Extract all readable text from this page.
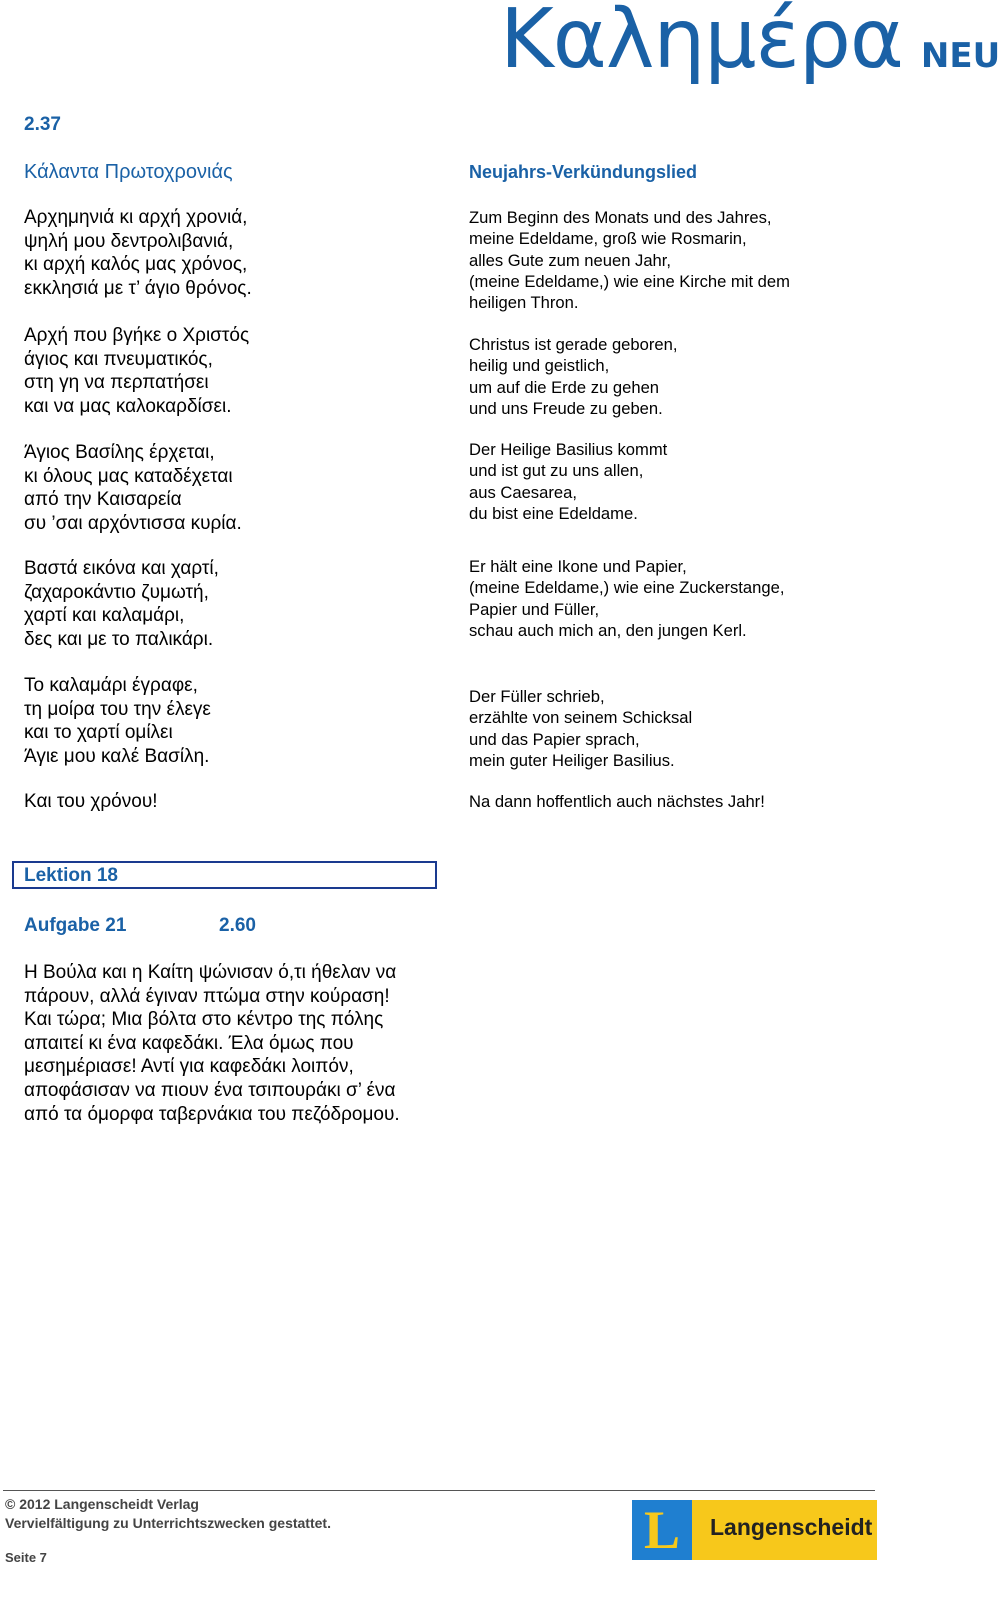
Καλημέρα NEU
2.37
Κάλαντα Πρωτοχρονιάς	Neujahrs-Verkündungslied
Αρχημηνιά κι αρχή χρονιά,
ψηλή μου δεντρολιβανιά,
κι αρχή καλός μας χρόνος,
εκκλησιά με τ’ άγιο θρόνος.
Αρχή που βγήκε ο Χριστός
άγιος και πνευματικός,
στη γη να περπατήσει
και να μας καλοκαρδίσει.
Άγιος Βασίλης έρχεται,
κι όλους μας καταδέχεται
από την Καισαρεία
συ ’σαι αρχόντισσα κυρία.
Βαστά εικόνα και χαρτί,
ζαχαροκάντιο ζυμωτή,
χαρτί και καλαμάρι,
δες και με το παλικάρι.
Το καλαμάρι έγραφε,
τη μοίρα του την έλεγε
και το χαρτί ομίλει
Άγιε μου καλέ Βασίλη.
Και του χρόνου!
Zum Beginn des Monats und des Jahres,
meine Edeldame, groß wie Rosmarin,
alles Gute zum neuen Jahr,
(meine Edeldame,) wie eine Kirche mit dem
heiligen Thron.
Christus ist gerade geboren,
heilig und geistlich,
um auf die Erde zu gehen
und uns Freude zu geben.
Der Heilige Basilius kommt
und ist gut zu uns allen,
aus Caesarea,
du bist eine Edeldame.
Er hält eine Ikone und Papier,
(meine Edeldame,) wie eine Zuckerstange,
Papier und Füller,
schau auch mich an, den jungen Kerl.
Der Füller schrieb,
erzählte von seinem Schicksal
und das Papier sprach,
mein guter Heiliger Basilius.
Na dann hoffentlich auch nächstes Jahr!
Lektion 18
Aufgabe 21	2.60
Η Βούλα και η Καίτη ψώνισαν ό,τι ήθελαν να
πάρουν, αλλά έγιναν πτώμα στην κούραση!
Και τώρα; Μια βόλτα στο κέντρο της πόλης
απαιτεί κι ένα καφεδάκι. Έλα όμως που
μεσημέριασε! Αντί για καφεδάκι λοιπόν,
αποφάσισαν να πιουν ένα τσιπουράκι σ’ ένα
από τα όμορφα ταβερνάκια του πεζόδρομου.
© 2012 Langenscheidt Verlag
Vervielfältigung zu Unterrichtszwecken gestattet.
Seite 7	L Langenscheidt
